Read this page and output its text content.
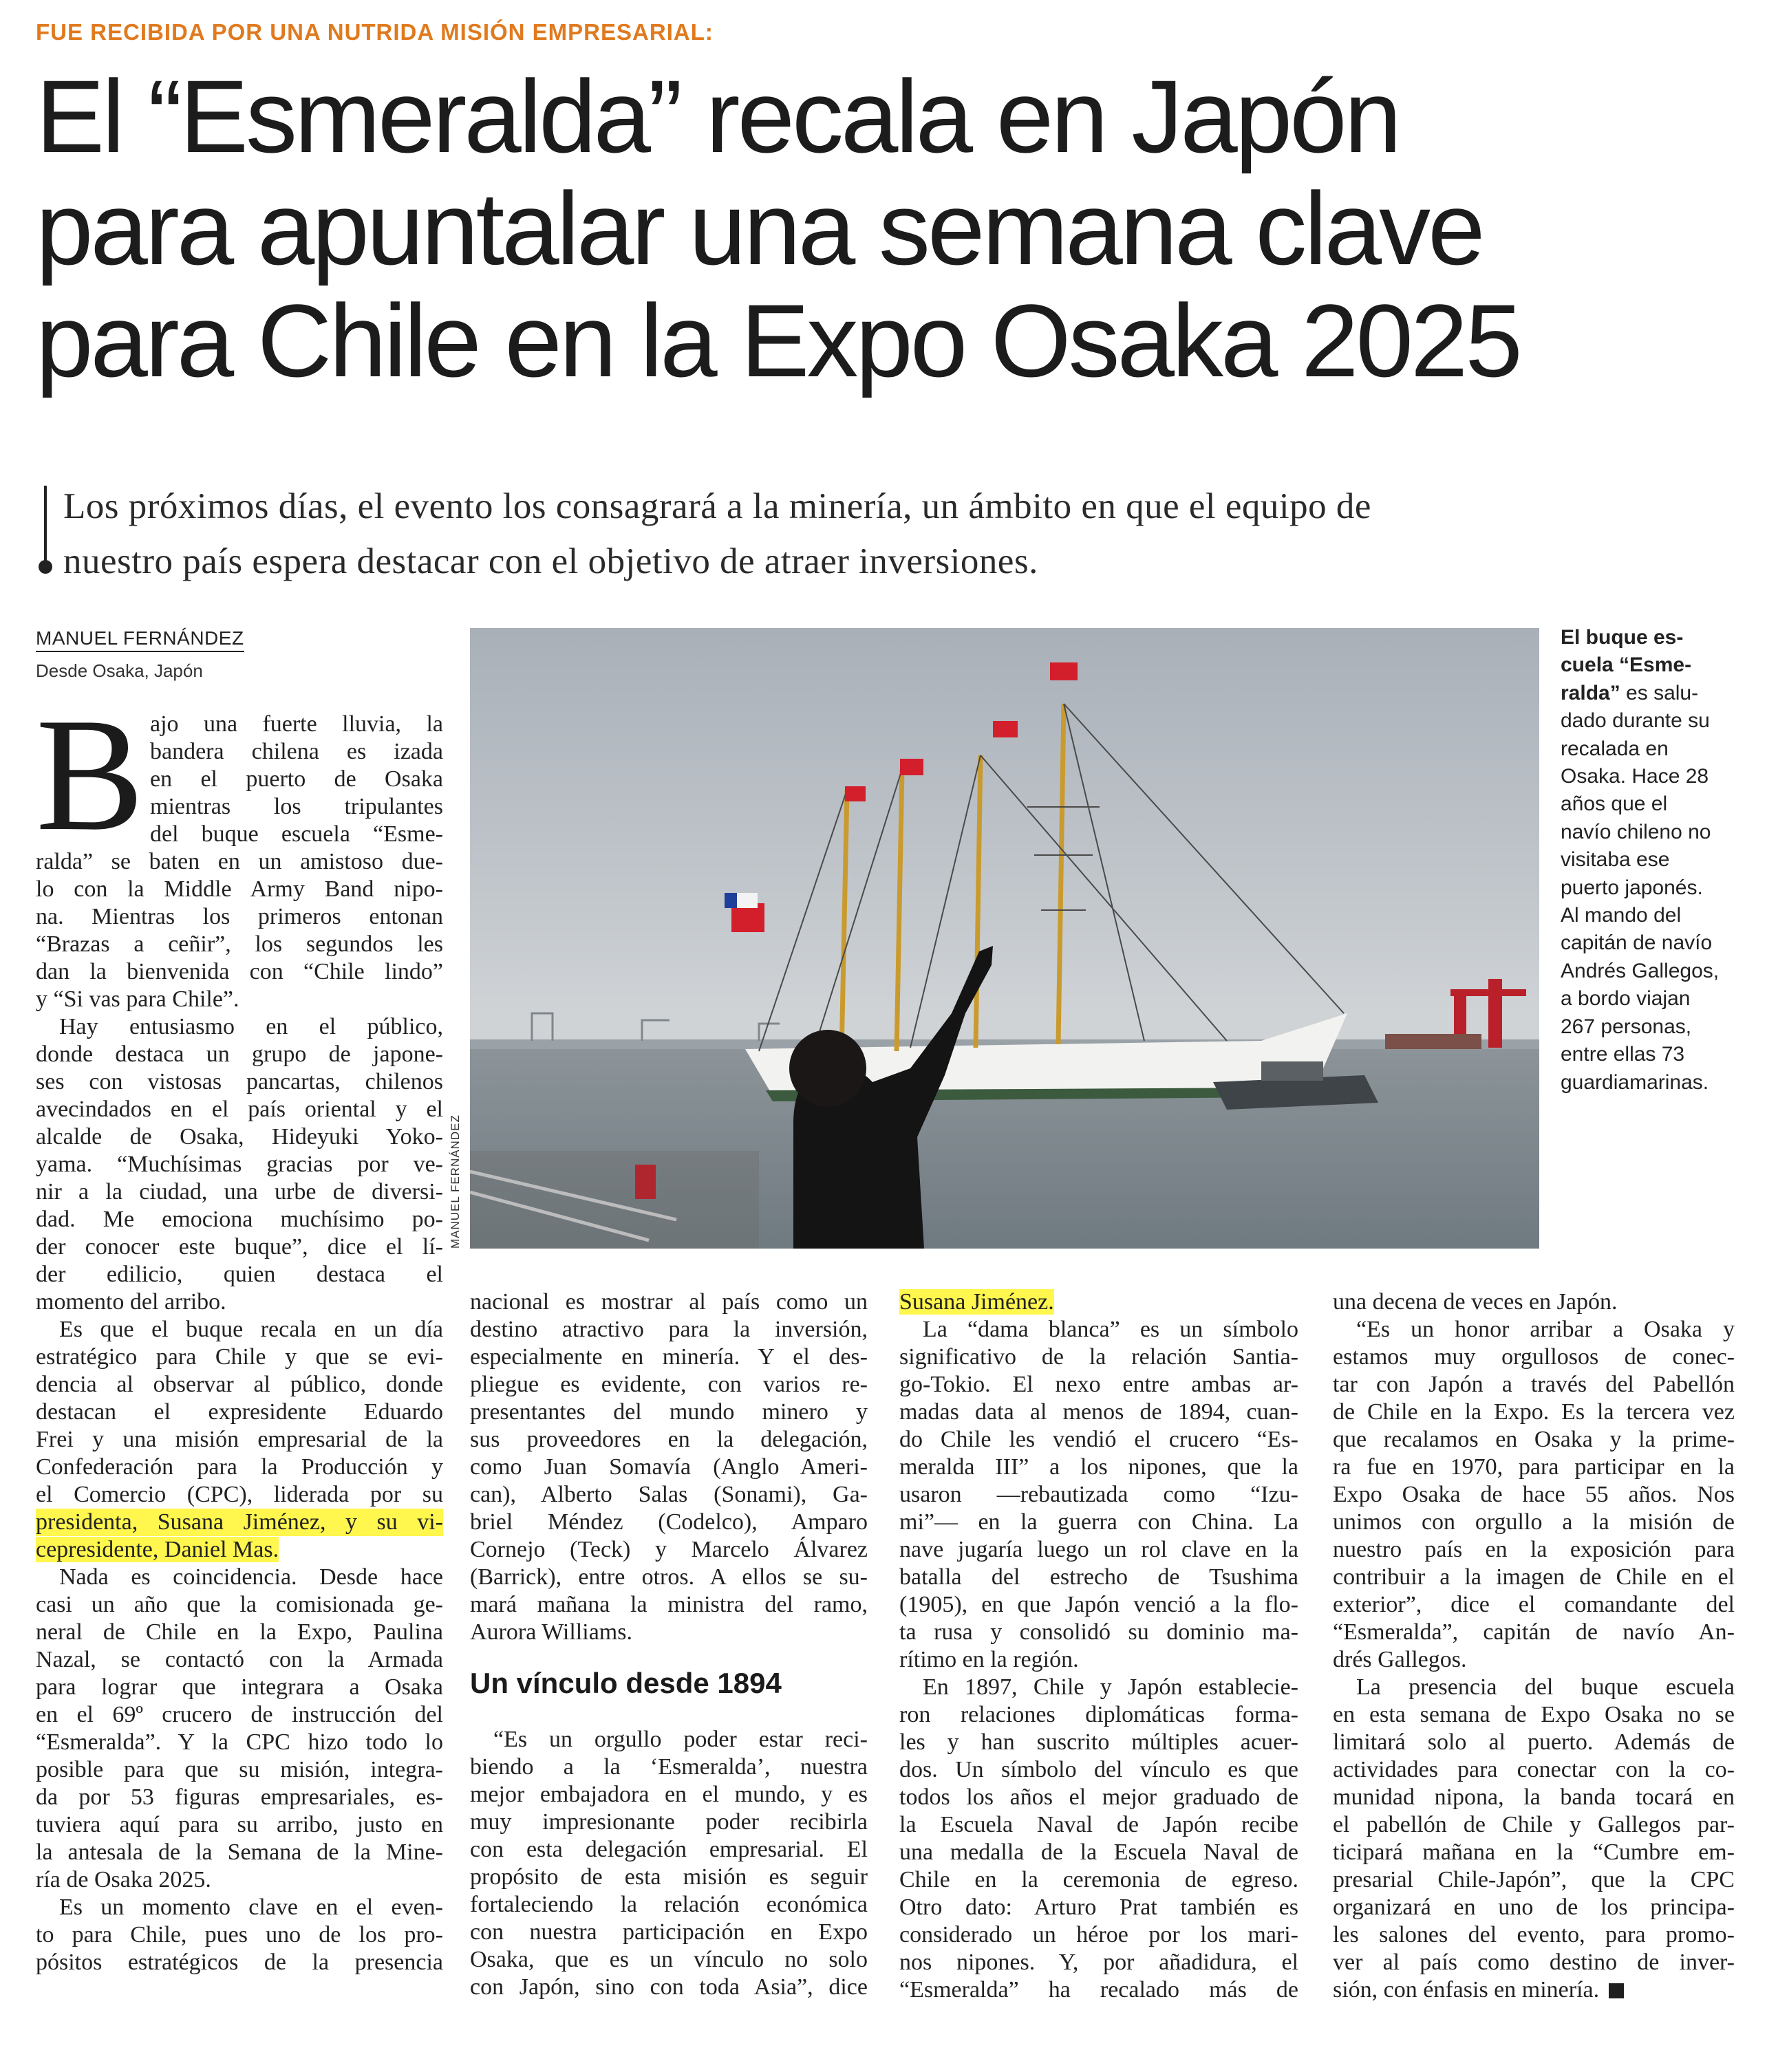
FUE RECIBIDA POR UNA NUTRIDA MISIÓN EMPRESARIAL:
El “Esmeralda” recala en Japón
para apuntalar una semana clave
para Chile en la Expo Osaka 2025
Los próximos días, el evento los consagrará a la minería, un ámbito en que el equipo de
nuestro país espera destacar con el objetivo de atraer inversiones.
MANUEL FERNÁNDEZ
Desde Osaka, Japón
MANUEL FERNÁNDEZ
El buque es-
cuela “Esme-
ralda” es salu-
dado durante su
recalada en
Osaka. Hace 28
años que el
navío chileno no
visitaba ese
puerto japonés.
Al mando del
capitán de navío
Andrés Gallegos,
a bordo viajan
267 personas,
entre ellas 73
guardiamarinas.
B ajo una fuerte lluvia, la
bandera chilena es izada
en el puerto de Osaka
mientras los tripulantes
del buque escuela “Esme-
ralda” se baten en un amistoso due-
lo con la Middle Army Band nipo-
na. Mientras los primeros entonan
“Brazas a ceñir”, los segundos les
dan la bienvenida con “Chile lindo”
y “Si vas para Chile”.
Hay entusiasmo en el público,
donde destaca un grupo de japone-
ses con vistosas pancartas, chilenos
avecindados en el país oriental y el
alcalde de Osaka, Hideyuki Yoko-
yama. “Muchísimas gracias por ve-
nir a la ciudad, una urbe de diversi-
dad. Me emociona muchísimo po-
der conocer este buque”, dice el lí-
der edilicio, quien destaca el
momento del arribo.
Es que el buque recala en un día
estratégico para Chile y que se evi-
dencia al observar al público, donde
destacan el expresidente Eduardo
Frei y una misión empresarial de la
Confederación para la Producción y
el Comercio (CPC), liderada por su
presidenta, Susana Jiménez, y su vi-
cepresidente, Daniel Mas.
Nada es coincidencia. Desde hace
casi un año que la comisionada ge-
neral de Chile en la Expo, Paulina
Nazal, se contactó con la Armada
para lograr que integrara a Osaka
en el 69º crucero de instrucción del
“Esmeralda”. Y la CPC hizo todo lo
posible para que su misión, integra-
da por 53 figuras empresariales, es-
tuviera aquí para su arribo, justo en
la antesala de la Semana de la Mine-
ría de Osaka 2025.
Es un momento clave en el even-
to para Chile, pues uno de los pro-
pósitos estratégicos de la presencia
nacional es mostrar al país como un
destino atractivo para la inversión,
especialmente en minería. Y el des-
pliegue es evidente, con varios re-
presentantes del mundo minero y
sus proveedores en la delegación,
como Juan Somavía (Anglo Ameri-
can), Alberto Salas (Sonami), Ga-
briel Méndez (Codelco), Amparo
Cornejo (Teck) y Marcelo Álvarez
(Barrick), entre otros. A ellos se su-
mará mañana la ministra del ramo,
Aurora Williams.
Un vínculo desde 1894
“Es un orgullo poder estar reci-
biendo a la ‘Esmeralda’, nuestra
mejor embajadora en el mundo, y es
muy impresionante poder recibirla
con esta delegación empresarial. El
propósito de esta misión es seguir
fortaleciendo la relación económica
con nuestra participación en Expo
Osaka, que es un vínculo no solo
con Japón, sino con toda Asia”, dice
Susana Jiménez.
La “dama blanca” es un símbolo
significativo de la relación Santia-
go-Tokio. El nexo entre ambas ar-
madas data al menos de 1894, cuan-
do Chile les vendió el crucero “Es-
meralda III” a los nipones, que la
usaron —rebautizada como “Izu-
mi”— en la guerra con China. La
nave jugaría luego un rol clave en la
batalla del estrecho de Tsushima
(1905), en que Japón venció a la flo-
ta rusa y consolidó su dominio ma-
rítimo en la región.
En 1897, Chile y Japón establecie-
ron relaciones diplomáticas forma-
les y han suscrito múltiples acuer-
dos. Un símbolo del vínculo es que
todos los años el mejor graduado de
la Escuela Naval de Japón recibe
una medalla de la Escuela Naval de
Chile en la ceremonia de egreso.
Otro dato: Arturo Prat también es
considerado un héroe por los mari-
nos nipones. Y, por añadidura, el
“Esmeralda” ha recalado más de
una decena de veces en Japón.
“Es un honor arribar a Osaka y
estamos muy orgullosos de conec-
tar con Japón a través del Pabellón
de Chile en la Expo. Es la tercera vez
que recalamos en Osaka y la prime-
ra fue en 1970, para participar en la
Expo Osaka de hace 55 años. Nos
unimos con orgullo a la misión de
nuestro país en la exposición para
contribuir a la imagen de Chile en el
exterior”, dice el comandante del
“Esmeralda”, capitán de navío An-
drés Gallegos.
La presencia del buque escuela
en esta semana de Expo Osaka no se
limitará solo al puerto. Además de
actividades para conectar con la co-
munidad nipona, la banda tocará en
el pabellón de Chile y Gallegos par-
ticipará mañana en la “Cumbre em-
presarial Chile-Japón”, que la CPC
organizará en uno de los principa-
les salones del evento, para promo-
ver al país como destino de inver-
sión, con énfasis en minería.
